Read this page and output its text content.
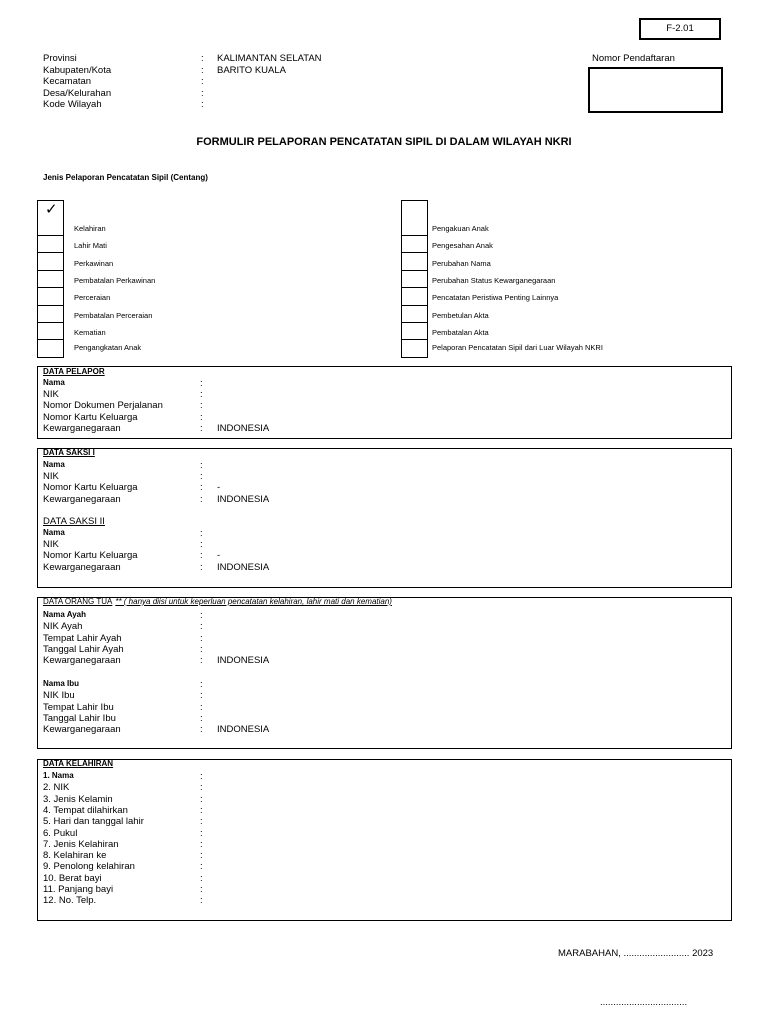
F-2.01
Provinsi	: KALIMANTAN SELATAN
Kabupaten/Kota	: BARITO KUALA
Kecamatan	:
Desa/Kelurahan	:
Kode Wilayah	:
Nomor Pendaftaran
FORMULIR PELAPORAN PENCATATAN SIPIL DI DALAM WILAYAH NKRI
Jenis Pelaporan Pencatatan Sipil (Centang)
✓
Kelahiran
Lahir Mati
Perkawinan
Pembatalan Perkawinan
Perceraian
Pembatalan Perceraian
Kematian
Pengangkatan Anak
Pengakuan Anak
Pengesahan Anak
Perubahan Nama
Perubahan Status Kewarganegaraan
Pencatatan Peristiwa Penting Lainnya
Pembetulan Akta
Pembatalan Akta
Pelaporan Pencatatan Sipil dari Luar Wilayah NKRI
DATA PELAPOR
Nama	:
NIK	:
Nomor Dokumen Perjalanan	:
Nomor Kartu Keluarga	:
Kewarganegaraan	: INDONESIA
DATA SAKSI I
Nama	:
NIK	:
Nomor Kartu Keluarga	: -
Kewarganegaraan	: INDONESIA
DATA SAKSI II
Nama	:
NIK	:
Nomor Kartu Keluarga	: -
Kewarganegaraan	: INDONESIA
DATA ORANG TUA ** ( hanya diisi untuk keperluan pencatatan kelahiran, lahir mati dan kematian)
Nama Ayah	:
NIK Ayah	:
Tempat Lahir Ayah	:
Tanggal Lahir Ayah	:
Kewarganegaraan	: INDONESIA
Nama Ibu	:
NIK Ibu	:
Tempat Lahir Ibu	:
Tanggal Lahir Ibu	:
Kewarganegaraan	: INDONESIA
DATA KELAHIRAN
1. Nama	:
2. NIK	:
3. Jenis Kelamin	:
4. Tempat dilahirkan	:
5. Hari dan tanggal lahir	:
6. Pukul	:
7. Jenis Kelahiran	:
8. Kelahiran ke	:
9. Penolong kelahiran	:
10. Berat bayi	:
11. Panjang bayi	:
12. No. Telp.	:
MARABAHAN, ......................... 2023
.................................
